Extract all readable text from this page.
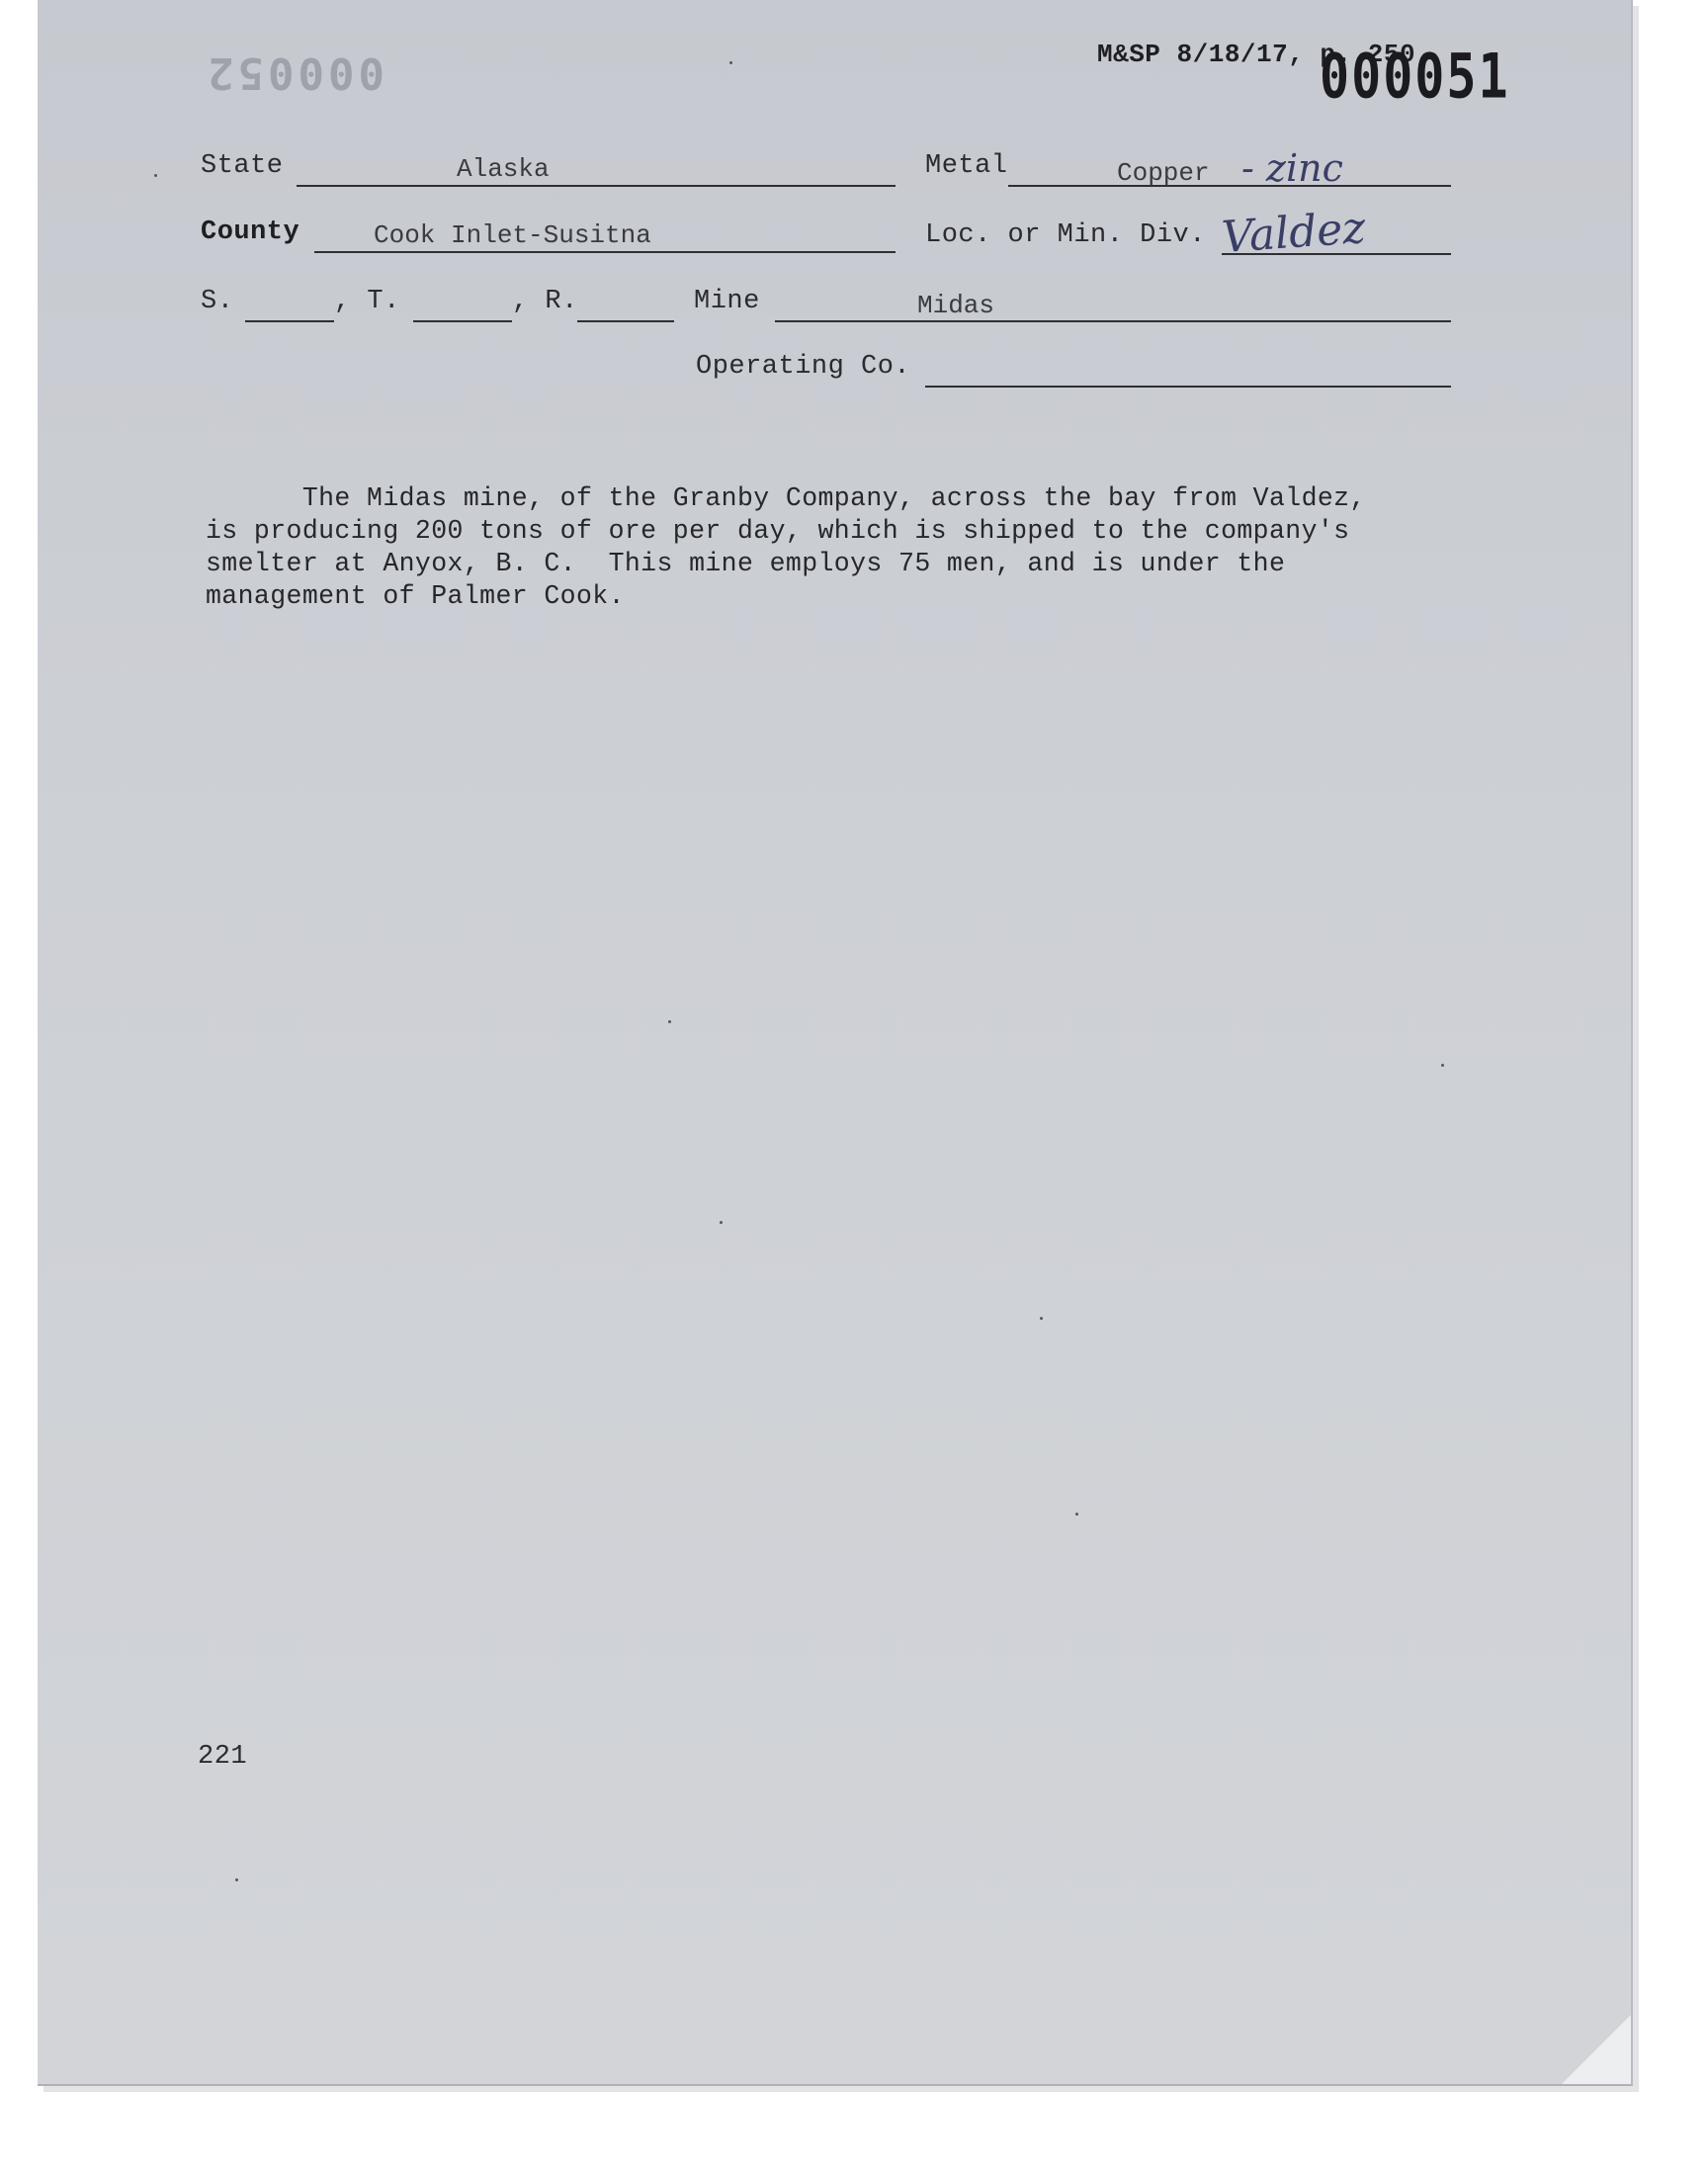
000052	M&SP 8/18/17, p. 250
000051
State	Alaska	Metal	Copper - zinc
County	Cook Inlet-Susitna	Loc. or Min. Div. Valdez
S.	, T.	, R.	Mine	Midas
Operating Co.
The Midas mine, of the Granby Company, across the bay from Valdez,
is producing 200 tons of ore per day, which is shipped to the company's
smelter at Anyox, B. C.  This mine employs 75 men, and is under the
management of Palmer Cook.
221
